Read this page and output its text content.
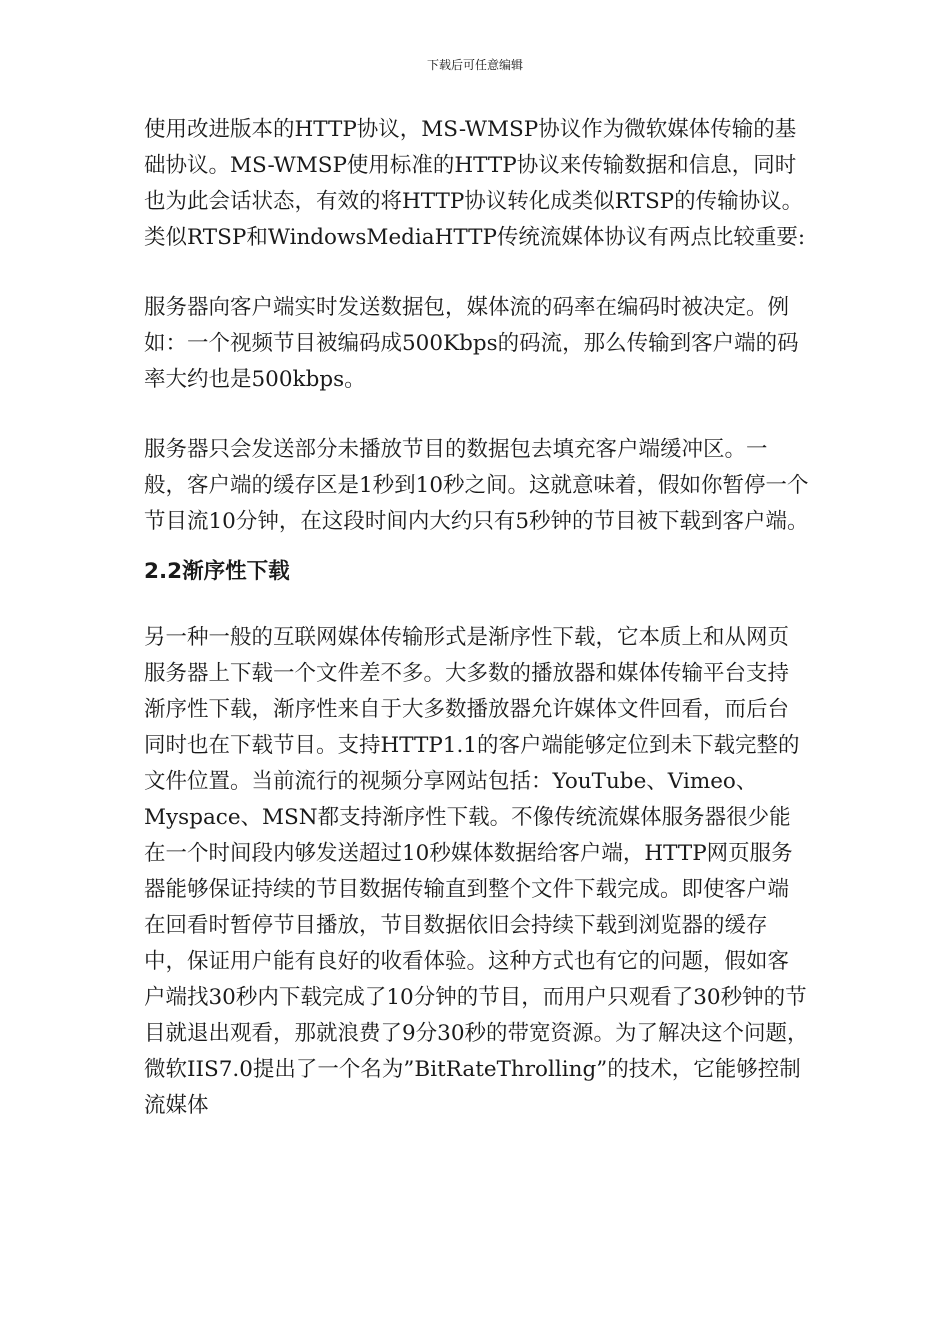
下载后可任意编辑

使用改进版本的HTTP协议，MS-WMSP协议作为微软媒体传输的基础协议。MS-WMSP使用标准的HTTP协议来传输数据和信息，同时也为此会话状态，有效的将HTTP协议转化成类似RTSP的传输协议。类似RTSP和WindowsMediaHTTP传统流媒体协议有两点比较重要:

服务器向客户端实时发送数据包，媒体流的码率在编码时被决定。例如：一个视频节目被编码成500Kbps的码流，那么传输到客户端的码率大约也是500kbps。

服务器只会发送部分未播放节目的数据包去填充客户端缓冲区。一般，客户端的缓存区是1秒到10秒之间。这就意味着，假如你暂停一个节目流10分钟，在这段时间内大约只有5秒钟的节目被下载到客户端。

2.2渐序性下载

另一种一般的互联网媒体传输形式是渐序性下载，它本质上和从网页服务器上下载一个文件差不多。大多数的播放器和媒体传输平台支持渐序性下载，渐序性来自于大多数播放器允许媒体文件回看，而后台同时也在下载节目。支持HTTP1.1的客户端能够定位到未下载完整的文件位置。当前流行的视频分享网站包括：YouTube、Vimeo、Myspace、MSN都支持渐序性下载。不像传统流媒体服务器很少能在一个时间段内够发送超过10秒媒体数据给客户端，HTTP网页服务器能够保证持续的节目数据传输直到整个文件下载完成。即使客户端在回看时暂停节目播放，节目数据依旧会持续下载到浏览器的缓存中，保证用户能有良好的收看体验。这种方式也有它的问题，假如客户端找30秒内下载完成了10分钟的节目，而用户只观看了30秒钟的节目就退出观看，那就浪费了9分30秒的带宽资源。为了解决这个问题，微软IIS7.0提出了一个名为”BitRateThrolling”的技术，它能够控制流媒体
